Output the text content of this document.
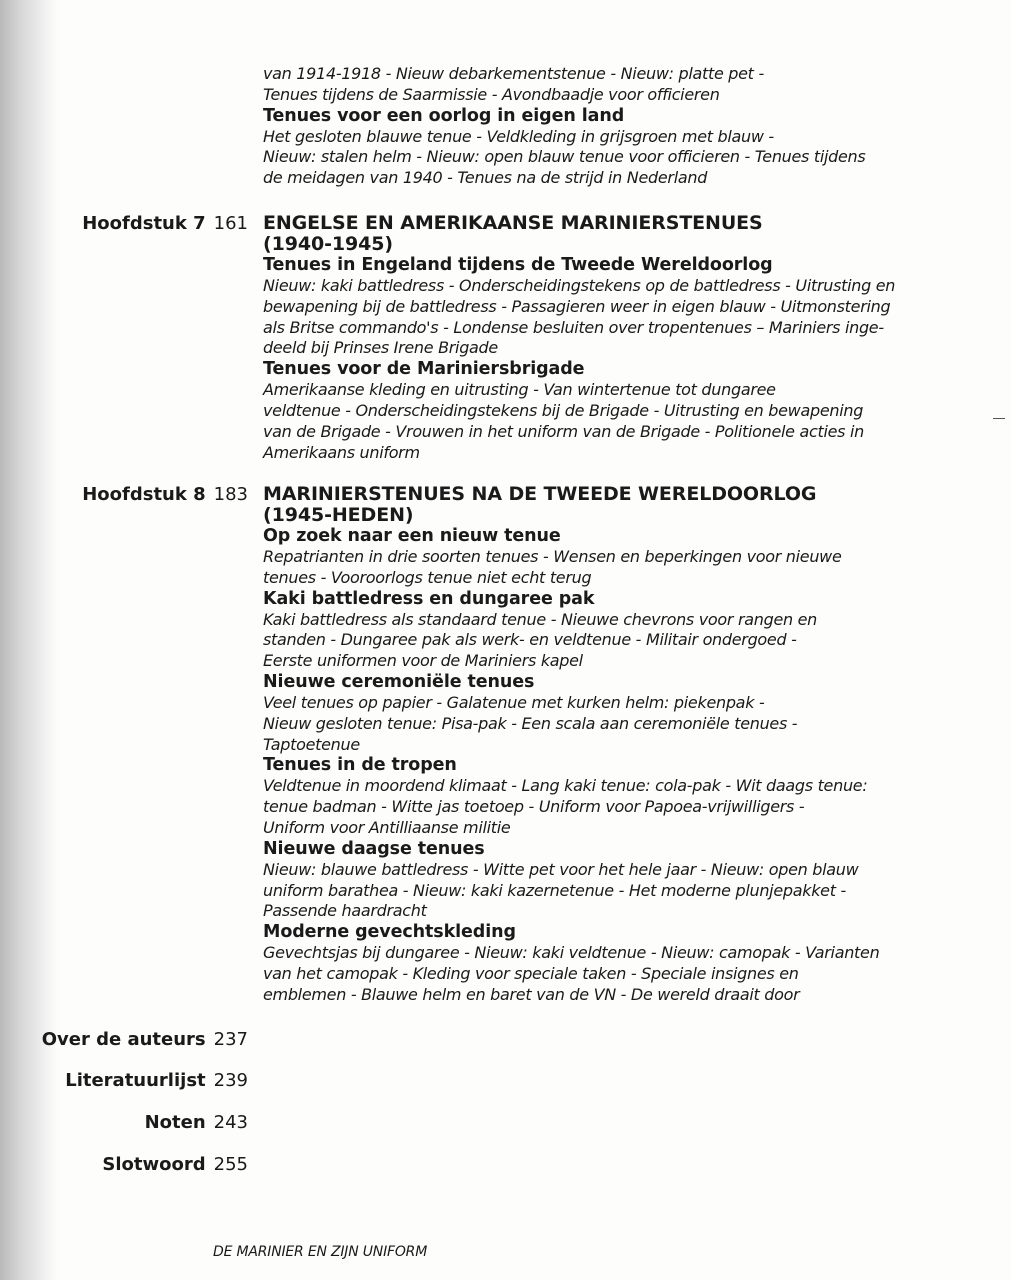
van 1914-1918 - Nieuw debarkementstenue - Nieuw: platte pet -
Tenues tijdens de Saarmissie - Avondbaadje voor officieren
Tenues voor een oorlog in eigen land
Het gesloten blauwe tenue - Veldkleding in grijsgroen met blauw -
Nieuw: stalen helm - Nieuw: open blauw tenue voor officieren - Tenues tijdens
de meidagen van 1940 - Tenues na de strijd in Nederland
Hoofdstuk 7 161 ENGELSE EN AMERIKAANSE MARINIERSTENUES
(1940-1945)
Tenues in Engeland tijdens de Tweede Wereldoorlog
Nieuw: kaki battledress - Onderscheidingstekens op de battledress - Uitrusting en
bewapening bij de battledress - Passagieren weer in eigen blauw - Uitmonstering
als Britse commando's - Londense besluiten over tropentenues – Mariniers inge-
deeld bij Prinses Irene Brigade
Tenues voor de Mariniersbrigade
Amerikaanse kleding en uitrusting - Van wintertenue tot dungaree
veldtenue - Onderscheidingstekens bij de Brigade - Uitrusting en bewapening
van de Brigade - Vrouwen in het uniform van de Brigade - Politionele acties in
Amerikaans uniform
Hoofdstuk 8 183 MARINIERSTENUES NA DE TWEEDE WERELDOORLOG
(1945-HEDEN)
Op zoek naar een nieuw tenue
Repatrianten in drie soorten tenues - Wensen en beperkingen voor nieuwe
tenues - Vooroorlogs tenue niet echt terug
Kaki battledress en dungaree pak
Kaki battledress als standaard tenue - Nieuwe chevrons voor rangen en
standen - Dungaree pak als werk- en veldtenue - Militair ondergoed -
Eerste uniformen voor de Mariniers kapel
Nieuwe ceremoniële tenues
Veel tenues op papier - Galatenue met kurken helm: piekenpak -
Nieuw gesloten tenue: Pisa-pak - Een scala aan ceremoniële tenues -
Taptoetenue
Tenues in de tropen
Veldtenue in moordend klimaat - Lang kaki tenue: cola-pak - Wit daags tenue:
tenue badman - Witte jas toetoep - Uniform voor Papoea-vrijwilligers -
Uniform voor Antilliaanse militie
Nieuwe daagse tenues
Nieuw: blauwe battledress - Witte pet voor het hele jaar - Nieuw: open blauw
uniform barathea - Nieuw: kaki kazernetenue - Het moderne plunjepakket -
Passende haardracht
Moderne gevechtskleding
Gevechtsjas bij dungaree - Nieuw: kaki veldtenue - Nieuw: camopak - Varianten
van het camopak - Kleding voor speciale taken - Speciale insignes en
emblemen - Blauwe helm en baret van de VN - De wereld draait door
Over de auteurs 237
Literatuurlijst 239
Noten 243
Slotwoord 255
DE MARINIER EN ZIJN UNIFORM
